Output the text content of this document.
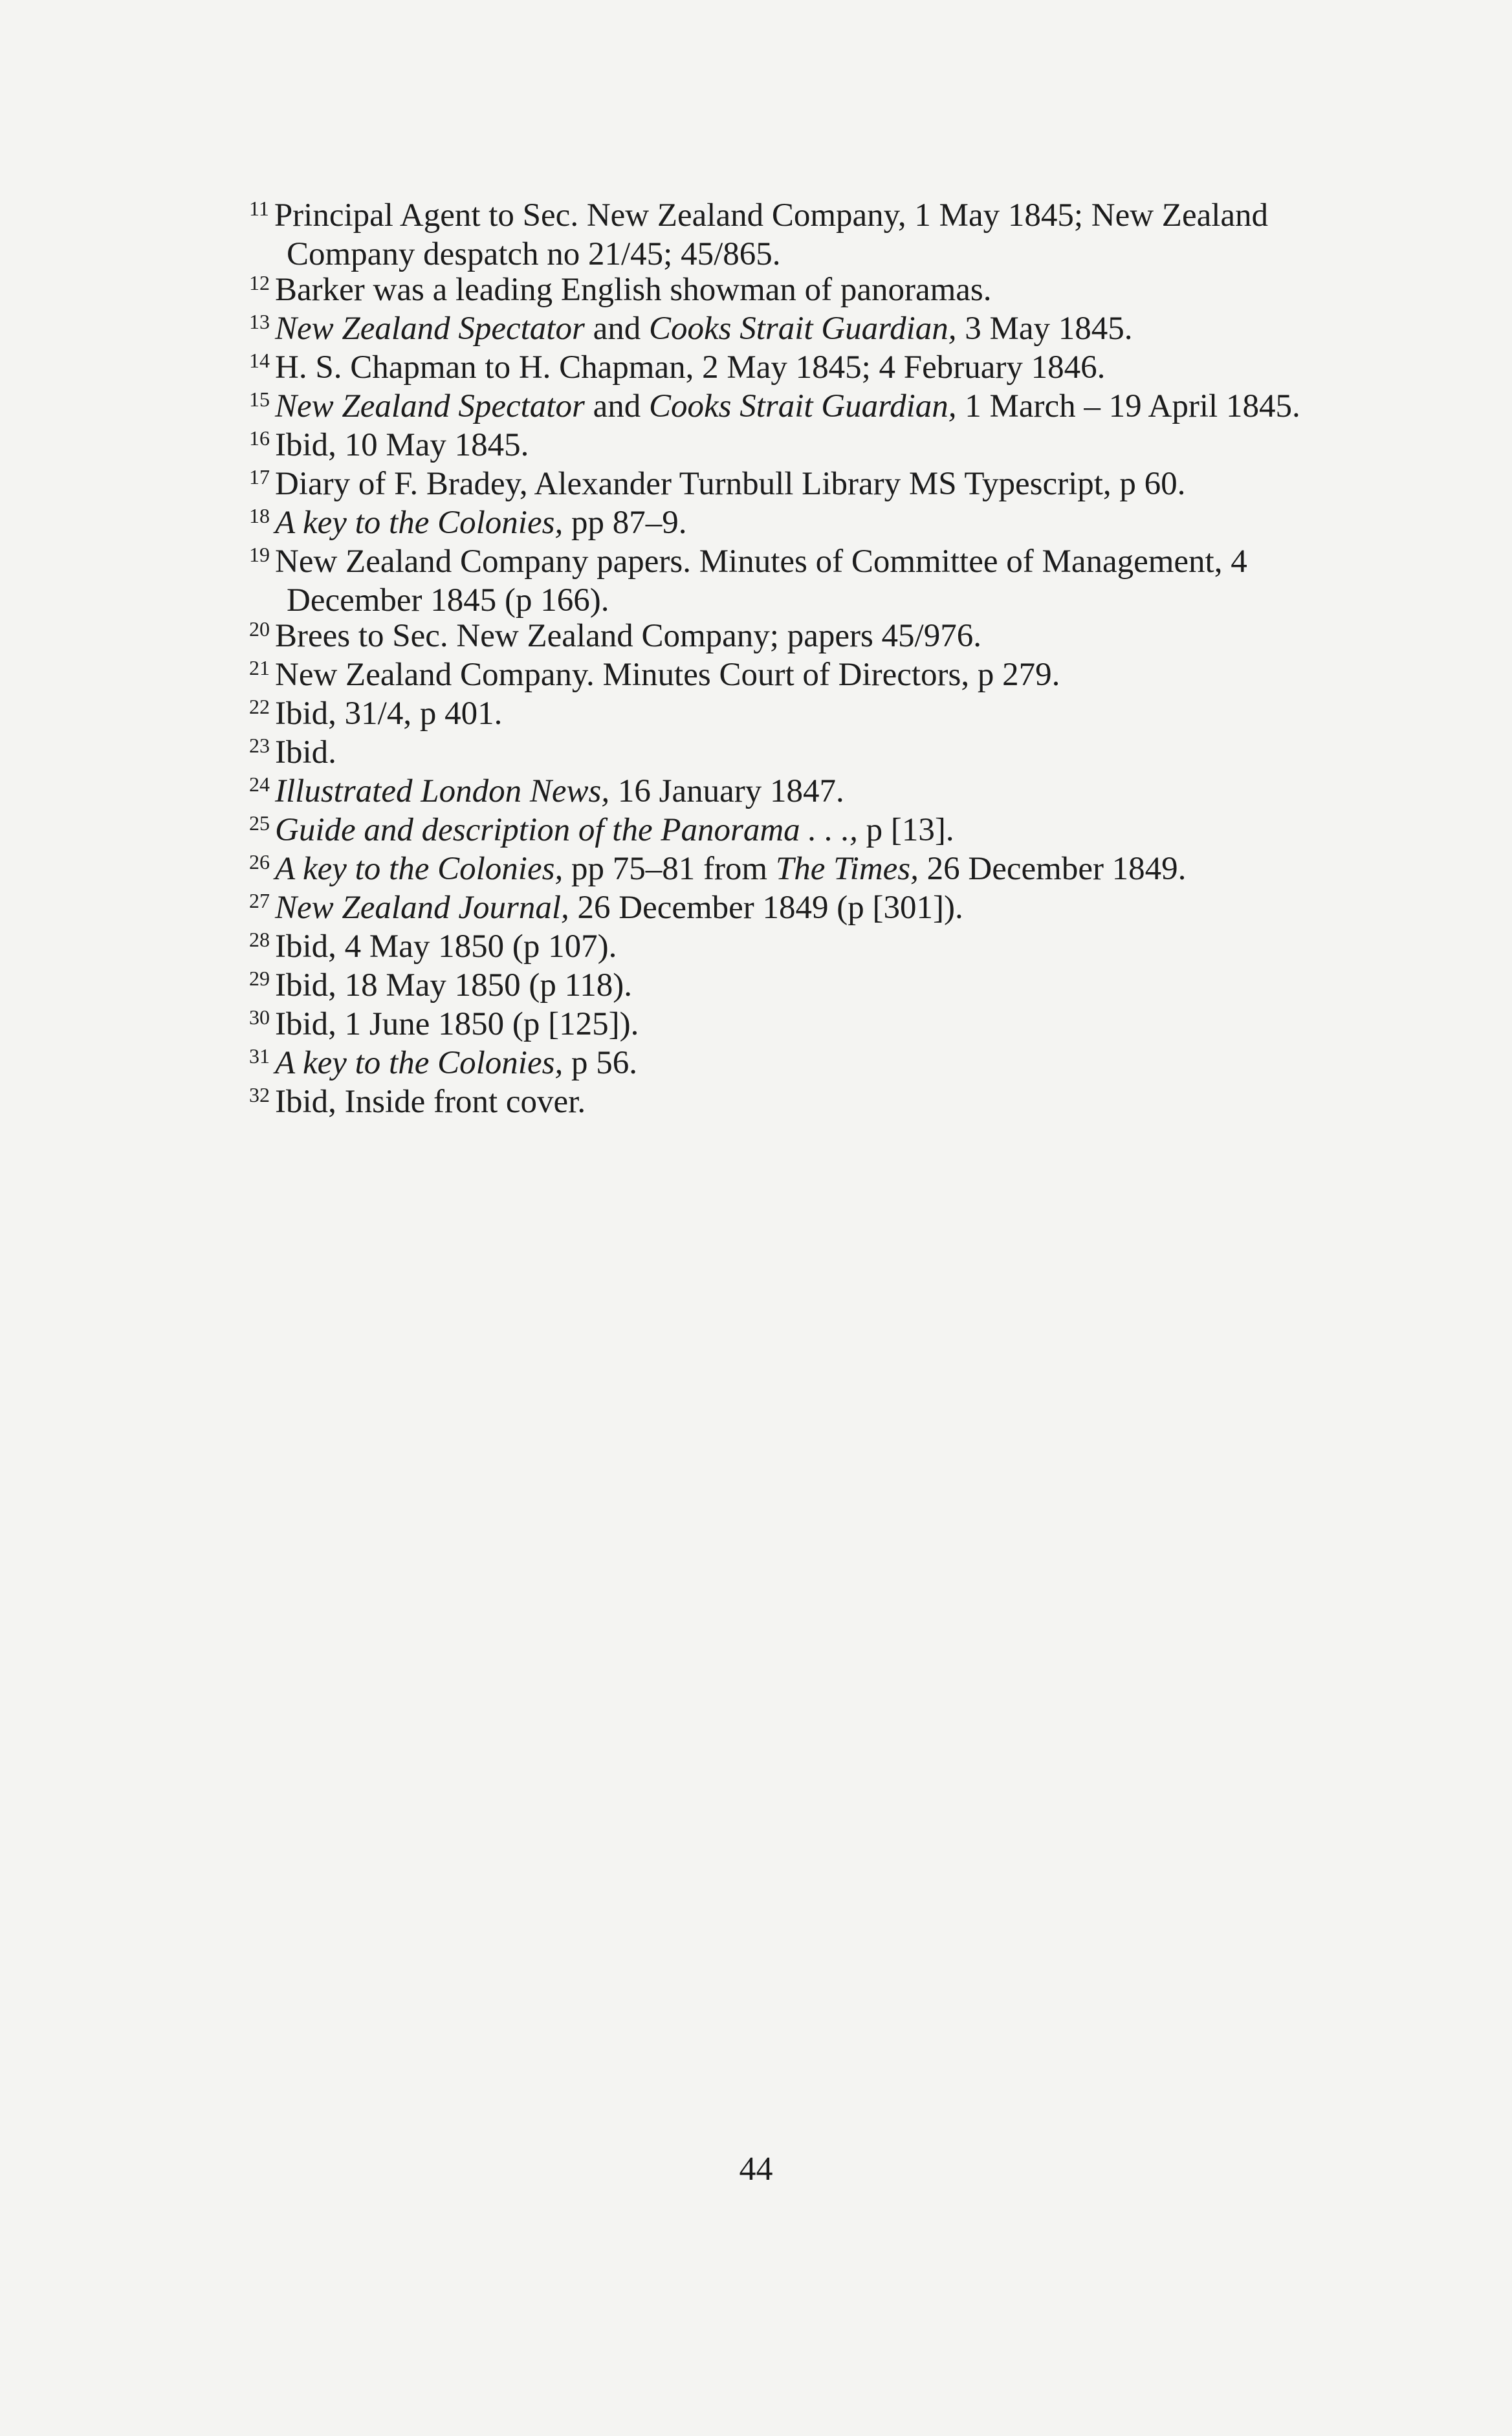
$^{11}$ Principal Agent to Sec. New Zealand Company, 1 May 1845; New Zealand Company despatch no 21/45; 45/865.

$^{12}$ Barker was a leading English showman of panoramas.

$^{13}$ New Zealand Spectator and Cooks Strait Guardian, 3 May 1845.

$^{14}$ H. S. Chapman to H. Chapman, 2 May 1845; 4 February 1846.

$^{15}$ New Zealand Spectator and Cooks Strait Guardian, 1 March – 19 April 1845.

$^{16}$ Ibid, 10 May 1845.

$^{17}$ Diary of F. Bradey, Alexander Turnbull Library MS Typescript, p 60.

$^{18}$ A key to the Colonies, pp 87–9.

$^{19}$ New Zealand Company papers. Minutes of Committee of Management, 4 December 1845 (p 166).

$^{20}$ Brees to Sec. New Zealand Company; papers 45/976.

$^{21}$ New Zealand Company. Minutes Court of Directors, p 279.

$^{22}$ Ibid, 31/4, p 401.

$^{23}$ Ibid.

$^{24}$ Illustrated London News, 16 January 1847.

$^{25}$ Guide and description of the Panorama . . ., p [13].

$^{26}$ A key to the Colonies, pp 75–81 from The Times, 26 December 1849.

$^{27}$ New Zealand Journal, 26 December 1849 (p [301]).

$^{28}$ Ibid, 4 May 1850 (p 107).

$^{29}$ Ibid, 18 May 1850 (p 118).

$^{30}$ Ibid, 1 June 1850 (p [125]).

$^{31}$ A key to the Colonies, p 56.

$^{32}$ Ibid, Inside front cover.

44
